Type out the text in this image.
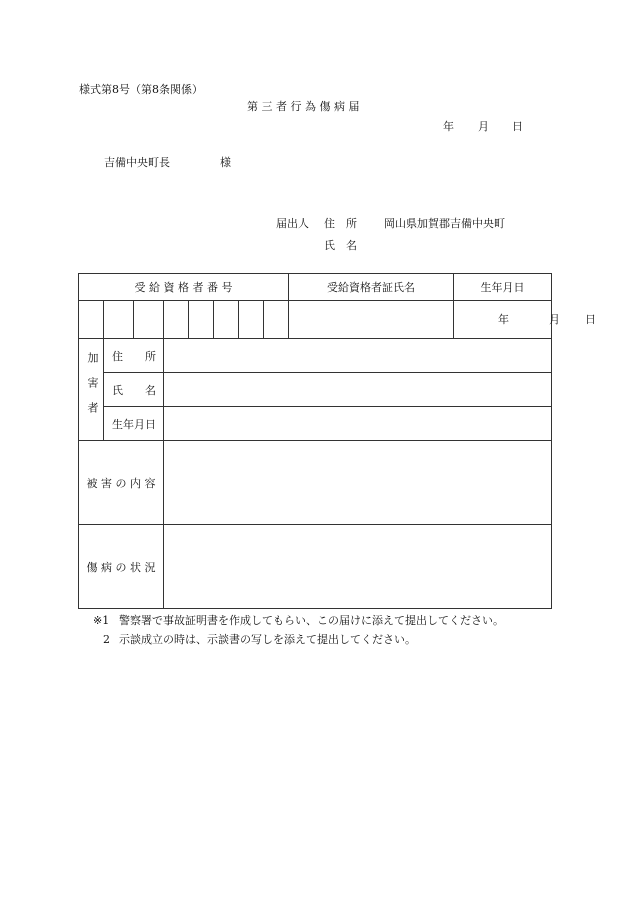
様式第8号（第8条関係）
第 三 者 行 為 傷 病 届
年 月 日
吉備中央町長	様
届出人 住　所 岡山県加賀郡吉備中央町
氏　名
受 給 資 格 者 番 号							受給資格者証氏名	生年月日

								年 月 日

加害者	住　　所							
	氏　　名							
	生年月日							
被 害 の 内 容								
傷 病 の 状 況								
※1 警察署で事故証明書を作成してもらい、この届けに添えて提出してください。
2 示談成立の時は、示談書の写しを添えて提出してください。
